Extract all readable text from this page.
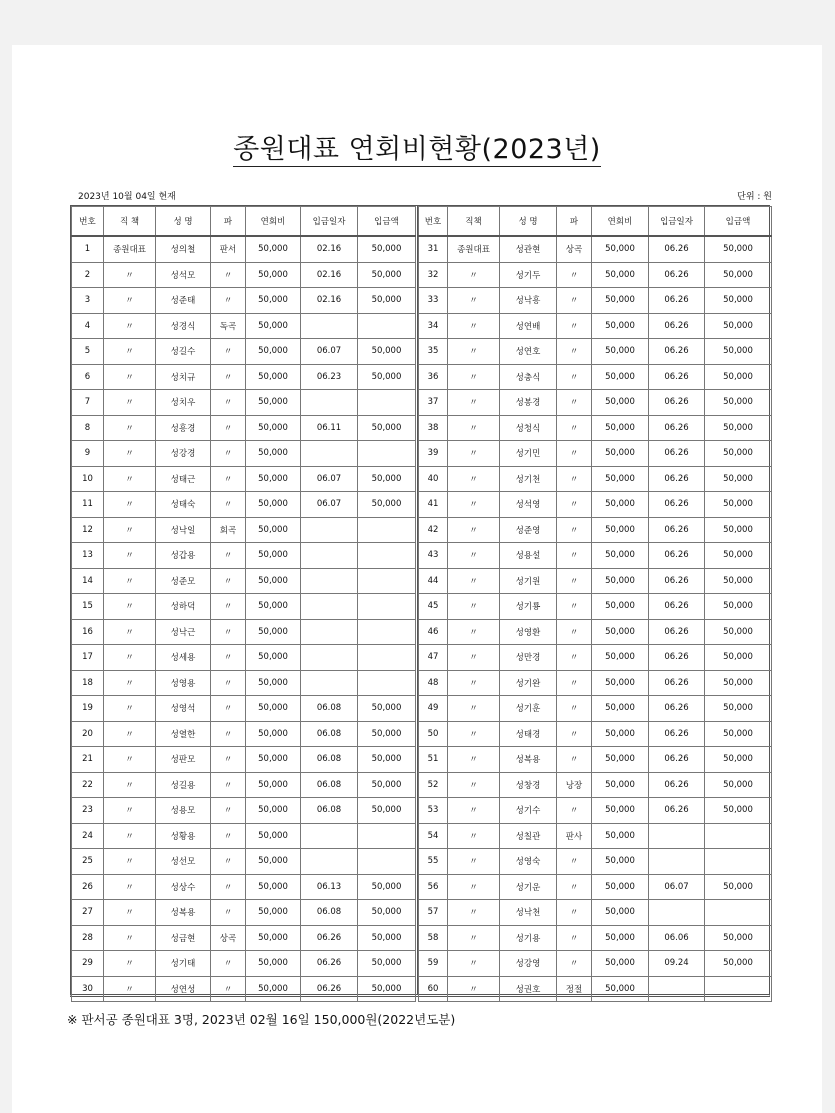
종원대표 연회비현황(2023년)
2023년 10월 04일 현재	단위 : 원
번호	직 책	성 명	파	연회비	입금일자	입금액
1	종원대표	성의철	판서	50,000	02.16	50,000
2	〃	성석모	〃	50,000	02.16	50,000
3	〃	성준태	〃	50,000	02.16	50,000
4	〃	성경식	독곡	50,000		
5	〃	성길수	〃	50,000	06.07	50,000
6	〃	성치규	〃	50,000	06.23	50,000
7	〃	성치우	〃	50,000		
8	〃	성흥경	〃	50,000	06.11	50,000
9	〃	성강경	〃	50,000		
10	〃	성태근	〃	50,000	06.07	50,000
11	〃	성태숙	〃	50,000	06.07	50,000
12	〃	성낙일	회곡	50,000		
13	〃	성갑용	〃	50,000		
14	〃	성준모	〃	50,000		
15	〃	성하덕	〃	50,000		
16	〃	성낙근	〃	50,000		
17	〃	성세용	〃	50,000		
18	〃	성영용	〃	50,000		
19	〃	성영석	〃	50,000	06.08	50,000
20	〃	성열한	〃	50,000	06.08	50,000
21	〃	성판모	〃	50,000	06.08	50,000
22	〃	성길용	〃	50,000	06.08	50,000
23	〃	성용모	〃	50,000	06.08	50,000
24	〃	성황용	〃	50,000		
25	〃	성선모	〃	50,000		
26	〃	성상수	〃	50,000	06.13	50,000
27	〃	성복용	〃	50,000	06.08	50,000
28	〃	성금현	상곡	50,000	06.26	50,000
29	〃	성기태	〃	50,000	06.26	50,000
30	〃	성연성	〃	50,000	06.26	50,000
번호	직책	성 명	파	연회비	입금일자	입금액
31	종원대표	성관현	상곡	50,000	06.26	50,000
32	〃	성기두	〃	50,000	06.26	50,000
33	〃	성낙흥	〃	50,000	06.26	50,000
34	〃	성연배	〃	50,000	06.26	50,000
35	〃	성연호	〃	50,000	06.26	50,000
36	〃	성충식	〃	50,000	06.26	50,000
37	〃	성봉경	〃	50,000	06.26	50,000
38	〃	성청식	〃	50,000	06.26	50,000
39	〃	성기민	〃	50,000	06.26	50,000
40	〃	성기천	〃	50,000	06.26	50,000
41	〃	성석영	〃	50,000	06.26	50,000
42	〃	성준영	〃	50,000	06.26	50,000
43	〃	성용설	〃	50,000	06.26	50,000
44	〃	성기원	〃	50,000	06.26	50,000
45	〃	성기룡	〃	50,000	06.26	50,000
46	〃	성영환	〃	50,000	06.26	50,000
47	〃	성만경	〃	50,000	06.26	50,000
48	〃	성기완	〃	50,000	06.26	50,000
49	〃	성기훈	〃	50,000	06.26	50,000
50	〃	성태경	〃	50,000	06.26	50,000
51	〃	성복용	〃	50,000	06.26	50,000
52	〃	성창경	낭장	50,000	06.26	50,000
53	〃	성기수	〃	50,000	06.26	50,000
54	〃	성칠관	판사	50,000		
55	〃	성영숙	〃	50,000		
56	〃	성기운	〃	50,000	06.07	50,000
57	〃	성낙천	〃	50,000		
58	〃	성기용	〃	50,000	06.06	50,000
59	〃	성강영	〃	50,000	09.24	50,000
60	〃	성권호	정절	50,000		
※ 판서공 종원대표 3명, 2023년 02월 16일 150,000원(2022년도분)
